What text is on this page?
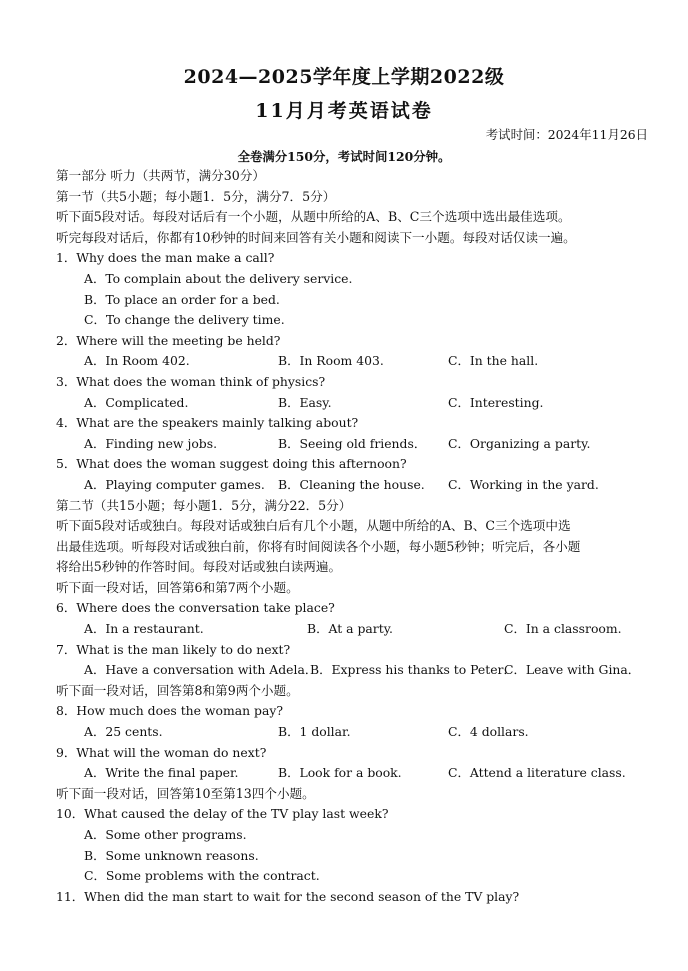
2024—2025学年度上学期2022级
11月月考英语试卷
考试时间：2024年11月26日
全卷满分150分，考试时间120分钟。
第一部分 听力（共两节，满分30分）
第一节（共5小题；每小题1．5分，满分7．5分）
听下面5段对话。每段对话后有一个小题，从题中所给的A、B、C三个选项中选出最佳选项。
听完每段对话后，你都有10秒钟的时间来回答有关小题和阅读下一小题。每段对话仅读一遍。
1．Why does the man make a call?
A．To complain about the delivery service.
B．To place an order for a bed.
C．To change the delivery time.
2．Where will the meeting be held?
A．In Room 402.	B．In Room 403.	C．In the hall.
3．What does the woman think of physics?
A．Complicated.	B．Easy.	C．Interesting.
4．What are the speakers mainly talking about?
A．Finding new jobs.	B．Seeing old friends． C．Organizing a party.
5．What does the woman suggest doing this afternoon?
A．Playing computer games. B．Cleaning the house. C．Working in the yard.
第二节（共15小题；每小题1．5分，满分22．5分）
听下面5段对话或独白。每段对话或独白后有几个小题，从题中所给的A、B、C三个选项中选
出最佳选项。听每段对话或独白前，你将有时间阅读各个小题，每小题5秒钟；听完后，各小题
将给出5秒钟的作答时间。每段对话或独白读两遍。
听下面一段对话，回答第6和第7两个小题。
6．Where does the conversation take place?
A．In a restaurant.	B．At a party.	C．In a classroom.
7．What is the man likely to do next?
A．Have a conversation with Adela．
B．Express his thanks to Peter．
C．Leave with Gina．
听下面一段对话，回答第8和第9两个小题。
8．How much does the woman pay?
A．25 cents.	B．1 dollar.	C．4 dollars.
9．What will the woman do next?
A．Write the final paper.	B．Look for a book.	C．Attend a literature class.
听下面一段对话，回答第10至第13四个小题。
10．What caused the delay of the TV play last week?
A．Some other programs.
B．Some unknown reasons.
C．Some problems with the contract.
11．When did the man start to wait for the second season of the TV play?
